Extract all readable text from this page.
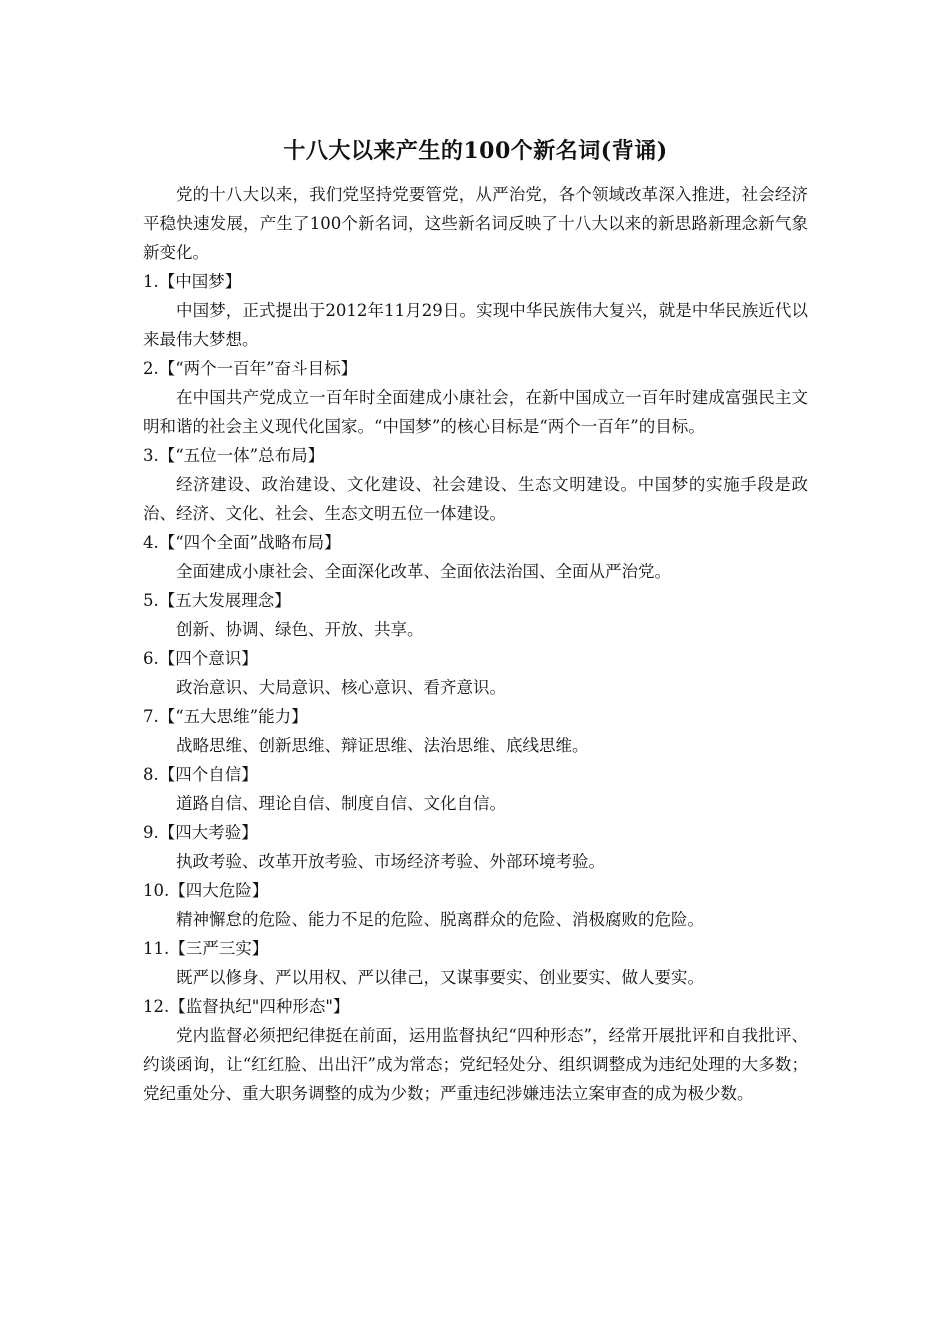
十八大以来产生的100个新名词(背诵)

党的十八大以来，我们党坚持党要管党，从严治党，各个领域改革深入推进，社会经济平稳快速发展，产生了100个新名词，这些新名词反映了十八大以来的新思路新理念新气象新变化。

1.【中国梦】

中国梦，正式提出于2012年11月29日。实现中华民族伟大复兴，就是中华民族近代以来最伟大梦想。

2.【“两个一百年”奋斗目标】

在中国共产党成立一百年时全面建成小康社会，在新中国成立一百年时建成富强民主文明和谐的社会主义现代化国家。“中国梦”的核心目标是“两个一百年”的目标。

3.【“五位一体”总布局】

经济建设、政治建设、文化建设、社会建设、生态文明建设。中国梦的实施手段是政治、经济、文化、社会、生态文明五位一体建设。

4.【“四个全面”战略布局】

全面建成小康社会、全面深化改革、全面依法治国、全面从严治党。

5.【五大发展理念】

创新、协调、绿色、开放、共享。

6.【四个意识】

政治意识、大局意识、核心意识、看齐意识。

7.【“五大思维”能力】

战略思维、创新思维、辩证思维、法治思维、底线思维。

8.【四个自信】

道路自信、理论自信、制度自信、文化自信。

9.【四大考验】

执政考验、改革开放考验、市场经济考验、外部环境考验。

10.【四大危险】

精神懈怠的危险、能力不足的危险、脱离群众的危险、消极腐败的危险。

11.【三严三实】

既严以修身、严以用权、严以律己，又谋事要实、创业要实、做人要实。

12.【监督执纪"四种形态"】

党内监督必须把纪律挺在前面，运用监督执纪“四种形态”，经常开展批评和自我批评、约谈函询，让“红红脸、出出汗”成为常态；党纪轻处分、组织调整成为违纪处理的大多数；党纪重处分、重大职务调整的成为少数；严重违纪涉嫌违法立案审查的成为极少数。
